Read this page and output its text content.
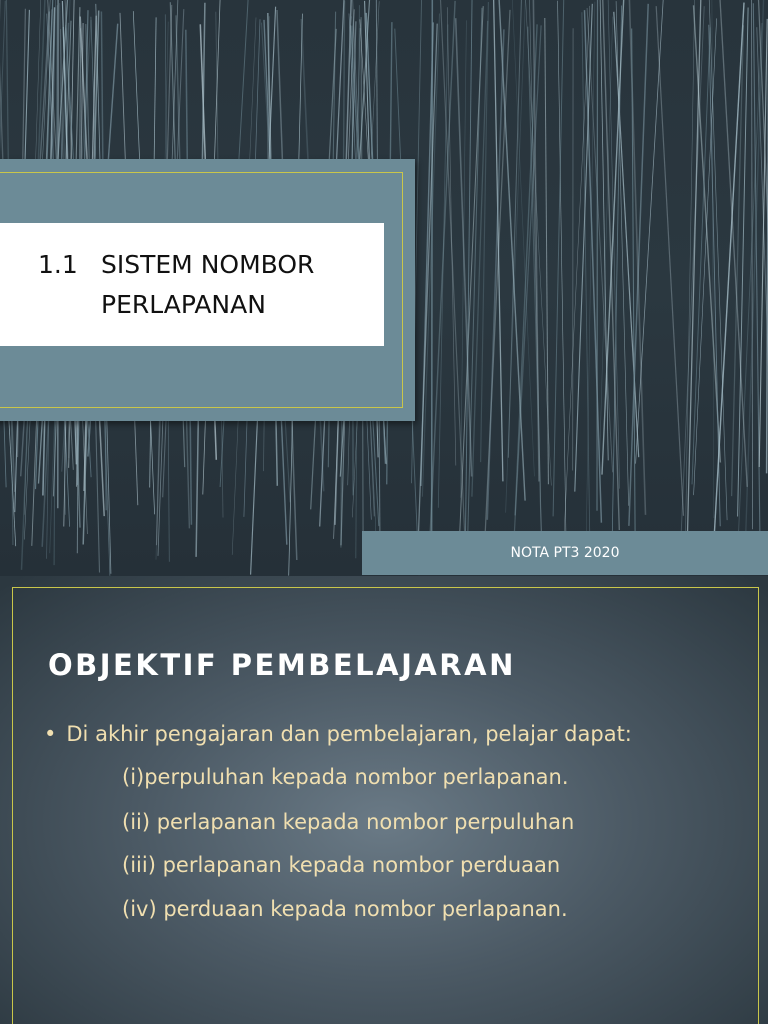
1.1 SISTEM NOMBOR
PERLAPANAN
NOTA PT3 2020
OBJEKTIF PEMBELAJARAN
• Di akhir pengajaran dan pembelajaran, pelajar dapat:
(i)perpuluhan kepada nombor perlapanan.
(ii) perlapanan kepada nombor perpuluhan
(iii) perlapanan kepada nombor perduaan
(iv) perduaan kepada nombor perlapanan.
